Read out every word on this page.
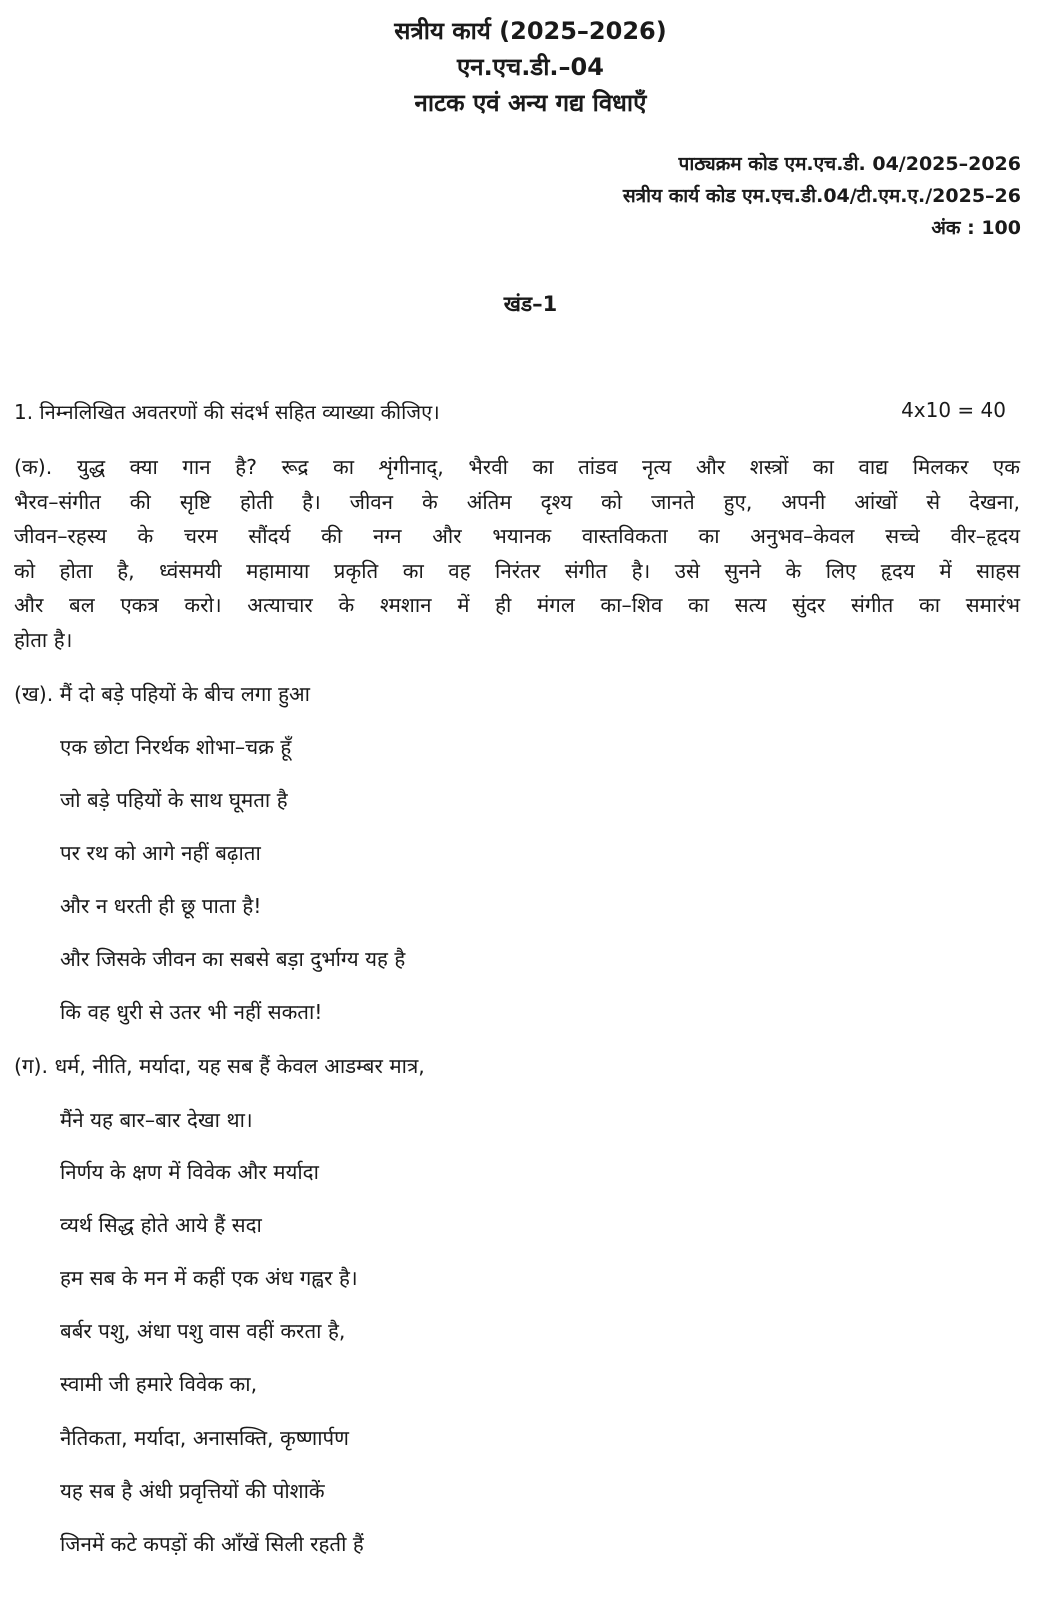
सत्रीय कार्य (2025–2026)
एन.एच.डी.–04
नाटक एवं अन्य गद्य विधाएँ
पाठ्यक्रम कोड एम.एच.डी. 04/2025–2026
सत्रीय कार्य कोड एम.एच.डी.04/टी.एम.ए./2025–26
अंक : 100
खंड–1
1. निम्नलिखित अवतरणों की संदर्भ सहित व्याख्या कीजिए।	4x10 = 40
(क). युद्ध क्या गान है? रूद्र का शृंगीनाद्, भैरवी का तांडव नृत्य और शस्त्रों का वाद्य मिलकर एक
भैरव–संगीत की सृष्टि होती है। जीवन के अंतिम दृश्य को जानते हुए, अपनी आंखों से देखना,
जीवन–रहस्य के चरम सौंदर्य की नग्न और भयानक वास्तविकता का अनुभव–केवल सच्चे वीर–हृदय
को होता है, ध्वंसमयी महामाया प्रकृति का वह निरंतर संगीत है। उसे सुनने के लिए हृदय में साहस
और बल एकत्र करो। अत्याचार के श्मशान में ही मंगल का–शिव का सत्य सुंदर संगीत का समारंभ
होता है।
(ख). मैं दो बड़े पहियों के बीच लगा हुआ
एक छोटा निरर्थक शोभा–चक्र हूँ
जो बड़े पहियों के साथ घूमता है
पर रथ को आगे नहीं बढ़ाता
और न धरती ही छू पाता है!
और जिसके जीवन का सबसे बड़ा दुर्भाग्य यह है
कि वह धुरी से उतर भी नहीं सकता!
(ग). धर्म, नीति, मर्यादा, यह सब हैं केवल आडम्बर मात्र,
मैंने यह बार–बार देखा था।
निर्णय के क्षण में विवेक और मर्यादा
व्यर्थ सिद्ध होते आये हैं सदा
हम सब के मन में कहीं एक अंध गह्वर है।
बर्बर पशु, अंधा पशु वास वहीं करता है,
स्वामी जी हमारे विवेक का,
नैतिकता, मर्यादा, अनासक्ति, कृष्णार्पण
यह सब है अंधी प्रवृत्तियों की पोशाकें
जिनमें कटे कपड़ों की आँखें सिली रहती हैं
